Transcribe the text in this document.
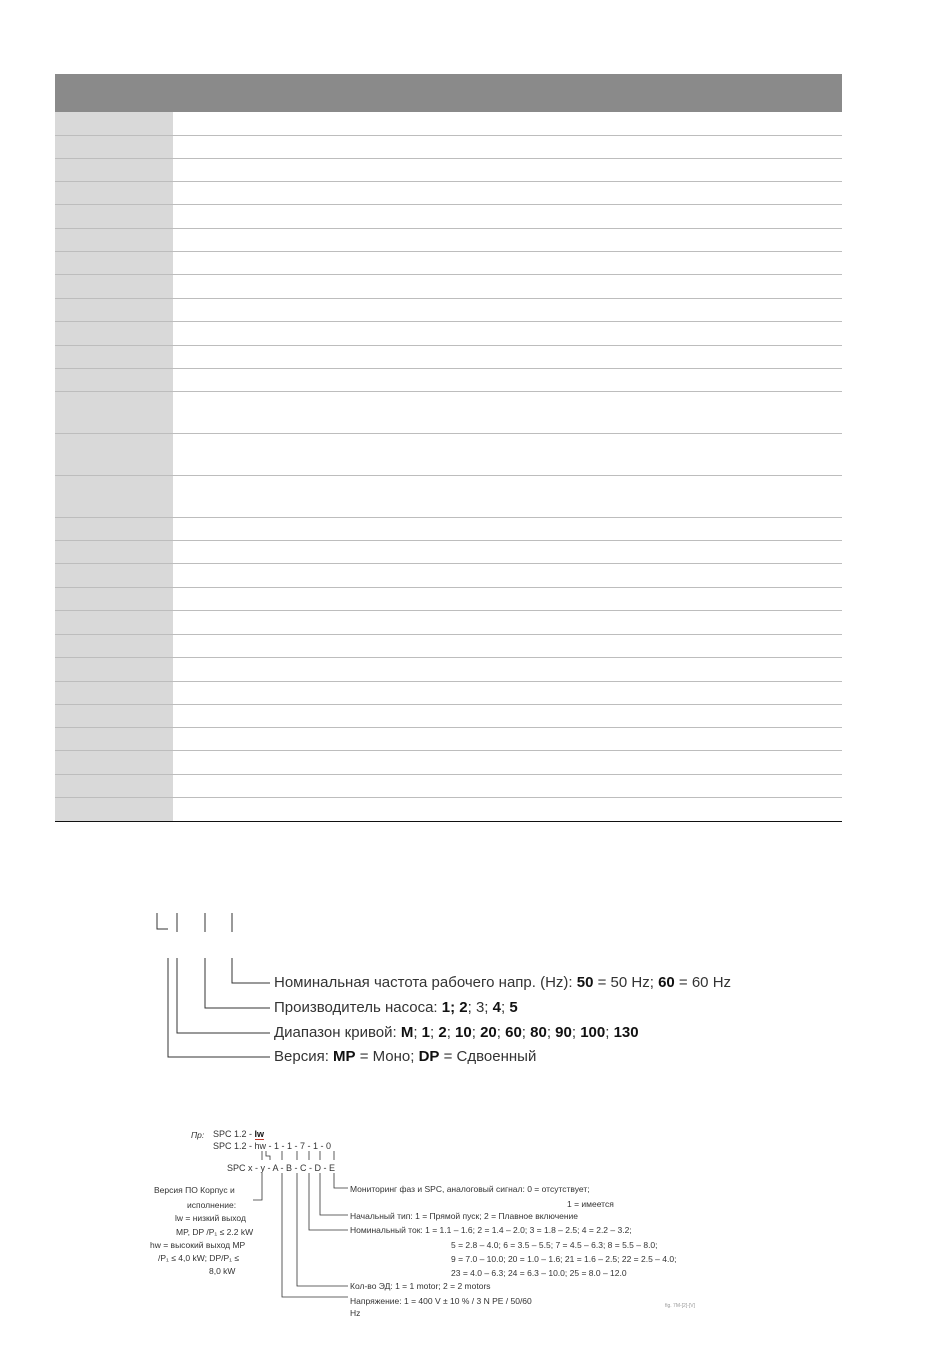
Номинальная частота рабочего напр. (Hz): 50 = 50 Hz; 60 = 60 Hz
Производитель насоса: 1; 2; 3; 4; 5
Диапазон кривой: M; 1; 2; 10; 20; 60; 80; 90; 100; 130
Версия: MP = Моно; DP = Сдвоенный
Пр: SPC 1.2 - lw
SPC 1.2 - hw - 1 - 1 - 7 - 1 - 0
SPC x - y - A - B - C - D - E
Версия ПО Корпус и
исполнение:
lw = низкий выход
MP, DP /P₁ ≤ 2.2 kW
hw = высокий выход MP
/P₁ ≤ 4,0 kW; DP/P₁ ≤
8,0 kW
Мониторинг фаз и SPC, аналоговый сигнал: 0 = отсутствует;
1 = имеется
Начальный тип: 1 = Прямой пуск; 2 = Плавное включение
Номинальный ток: 1 = 1.1 – 1.6; 2 = 1.4 – 2.0; 3 = 1.8 – 2.5; 4 = 2.2 – 3.2;
5 = 2.8 – 4.0; 6 = 3.5 – 5.5; 7 = 4.5 – 6.3; 8 = 5.5 – 8.0;
9 = 7.0 – 10.0; 20 = 1.0 – 1.6; 21 = 1.6 – 2.5; 22 = 2.5 – 4.0;
23 = 4.0 – 6.3; 24 = 6.3 – 10.0; 25 = 8.0 – 12.0
Кол-во ЭД: 1 = 1 motor; 2 = 2 motors
Напряжение: 1 = 400 V ± 10 % / 3 N PE / 50/60
Hz
fig. 7M-[2]-[V]
